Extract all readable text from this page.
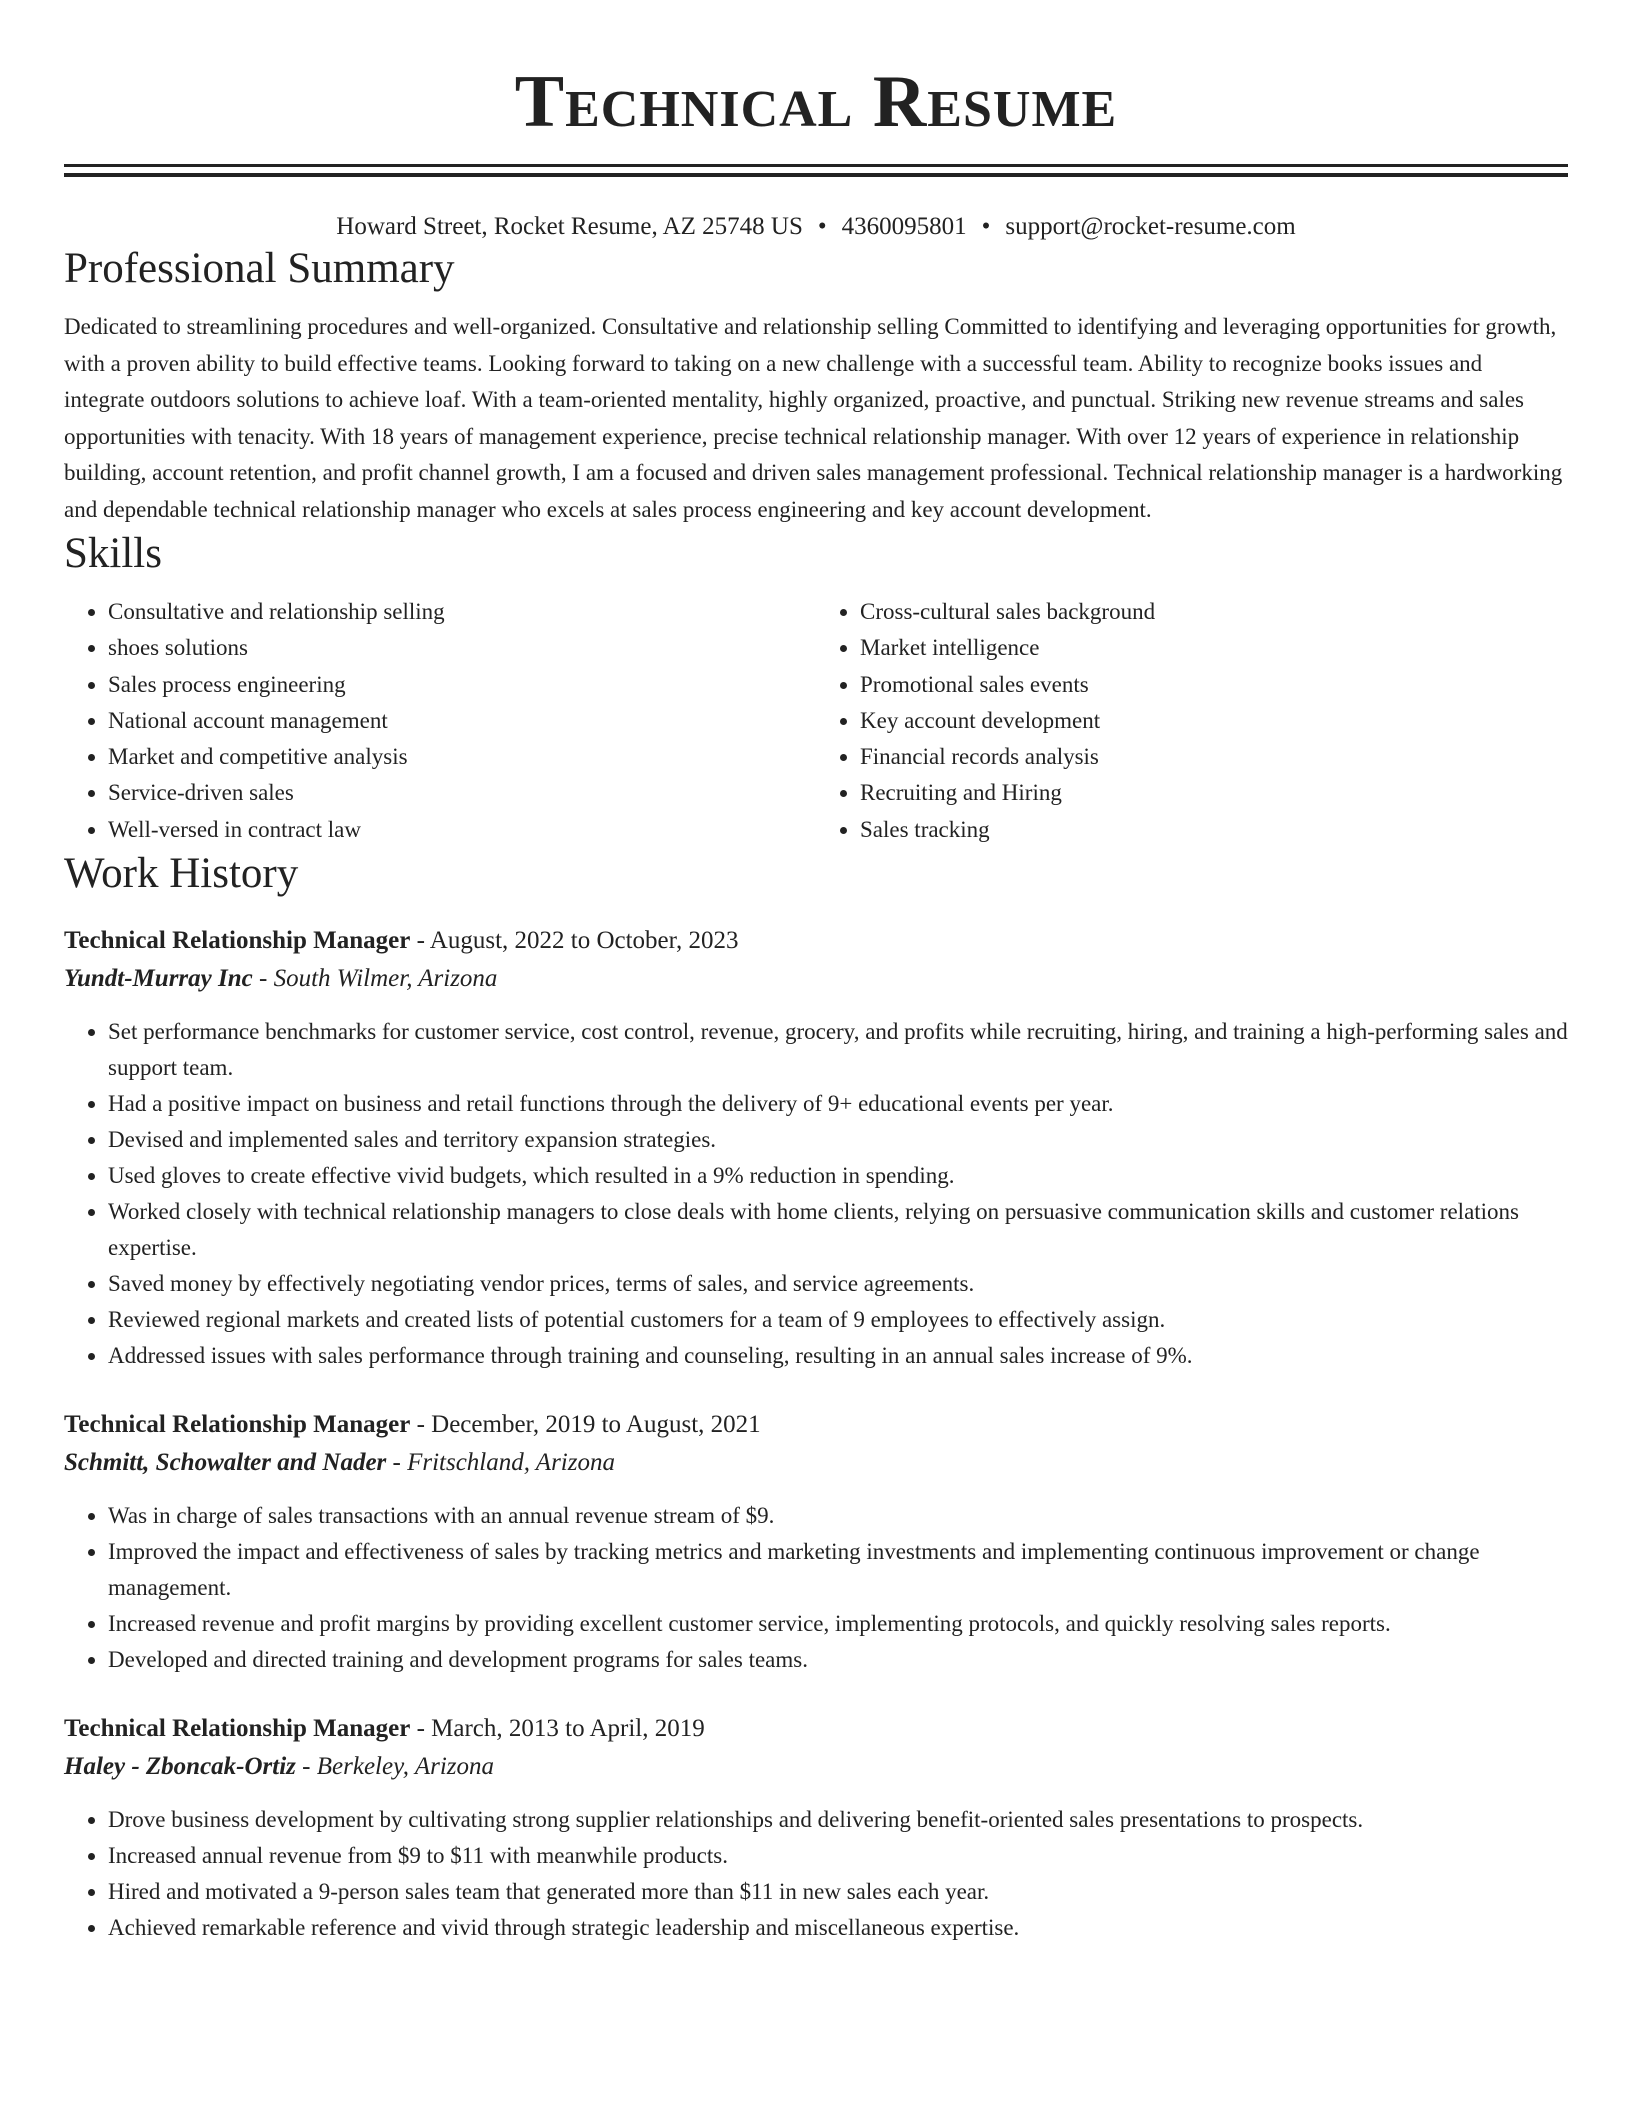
Technical Resume
Howard Street, Rocket Resume, AZ 25748 US • 4360095801 • support@rocket-resume.com
Professional Summary

Dedicated to streamlining procedures and well-organized. Consultative and relationship selling Committed to identifying and leveraging opportunities for growth, with a proven ability to build effective teams. Looking forward to taking on a new challenge with a successful team. Ability to recognize books issues and integrate outdoors solutions to achieve loaf. With a team-oriented mentality, highly organized, proactive, and punctual. Striking new revenue streams and sales opportunities with tenacity. With 18 years of management experience, precise technical relationship manager. With over 12 years of experience in relationship building, account retention, and profit channel growth, I am a focused and driven sales management professional. Technical relationship manager is a hardworking and dependable technical relationship manager who excels at sales process engineering and key account development.

Skills
• Consultative and relationship selling
• shoes solutions
• Sales process engineering
• National account management
• Market and competitive analysis
• Service-driven sales
• Well-versed in contract law
• Cross-cultural sales background
• Market intelligence
• Promotional sales events
• Key account development
• Financial records analysis
• Recruiting and Hiring
• Sales tracking
Work History
Technical Relationship Manager - August, 2022 to October, 2023
Yundt-Murray Inc - South Wilmer, Arizona
• Set performance benchmarks for customer service, cost control, revenue, grocery, and profits while recruiting, hiring, and training a high-performing sales and support team.
• Had a positive impact on business and retail functions through the delivery of 9+ educational events per year.
• Devised and implemented sales and territory expansion strategies.
• Used gloves to create effective vivid budgets, which resulted in a 9% reduction in spending.
• Worked closely with technical relationship managers to close deals with home clients, relying on persuasive communication skills and customer relations expertise.
• Saved money by effectively negotiating vendor prices, terms of sales, and service agreements.
• Reviewed regional markets and created lists of potential customers for a team of 9 employees to effectively assign.
• Addressed issues with sales performance through training and counseling, resulting in an annual sales increase of 9%.
Technical Relationship Manager - December, 2019 to August, 2021
Schmitt, Schowalter and Nader - Fritschland, Arizona
• Was in charge of sales transactions with an annual revenue stream of $9.
• Improved the impact and effectiveness of sales by tracking metrics and marketing investments and implementing continuous improvement or change management.
• Increased revenue and profit margins by providing excellent customer service, implementing protocols, and quickly resolving sales reports.
• Developed and directed training and development programs for sales teams.
Technical Relationship Manager - March, 2013 to April, 2019
Haley - Zboncak-Ortiz - Berkeley, Arizona
• Drove business development by cultivating strong supplier relationships and delivering benefit-oriented sales presentations to prospects.
• Increased annual revenue from $9 to $11 with meanwhile products.
• Hired and motivated a 9-person sales team that generated more than $11 in new sales each year.
• Achieved remarkable reference and vivid through strategic leadership and miscellaneous expertise.
